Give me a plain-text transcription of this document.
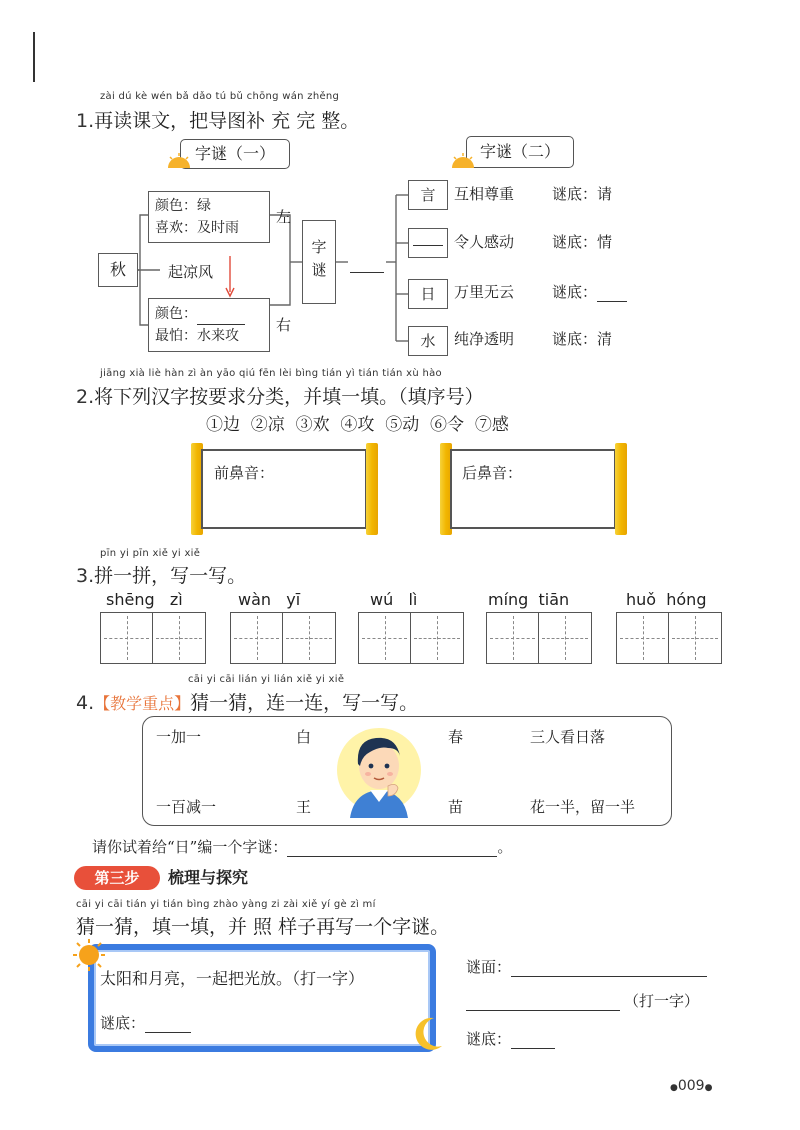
zài dú kè wén bǎ dǎo tú bǔ chōng wán zhěng
1.再读课文，把导图补 充 完 整。
字谜（一）	字谜（二）
秋
颜色：绿
喜欢：及时雨
起凉风
颜色：
最怕：水来攻
左
右
字谜
言	互相尊重	谜底：请
令人感动	谜底：情
日	万里无云	谜底：
水	纯净透明	谜底：清
jiāng xià liè hàn zì àn yāo qiú fēn lèi bìng tián yì tián tián xù hào
2.将下列汉字按要求分类，并填一填。（填序号）
①边  ②凉  ③欢  ④攻  ⑤动  ⑥令  ⑦感
前鼻音：	后鼻音：
pīn yi pīn xiě yi xiě
3.拼一拼，写一写。
shēng   zì	wàn   yī	wú   lì	míng  tiān	huǒ  hóng
cāi yi cāi lián yi lián xiě yi xiě
4.【教学重点】猜一猜，连一连，写一写。
一加一	白	春	三人看日落
一百减一	王	苗	花一半，留一半
请你试着给“日”编一个字谜：	。
第三步	梳理与探究
cāi yi cāi tián yi tián bìng zhào yàng zi zài xiě yí gè zì mí
猜一猜，填一填，并 照 样子再写一个字谜。
太阳和月亮，一起把光放。（打一字）
谜底：
谜面：
（打一字）
谜底：
●009●
